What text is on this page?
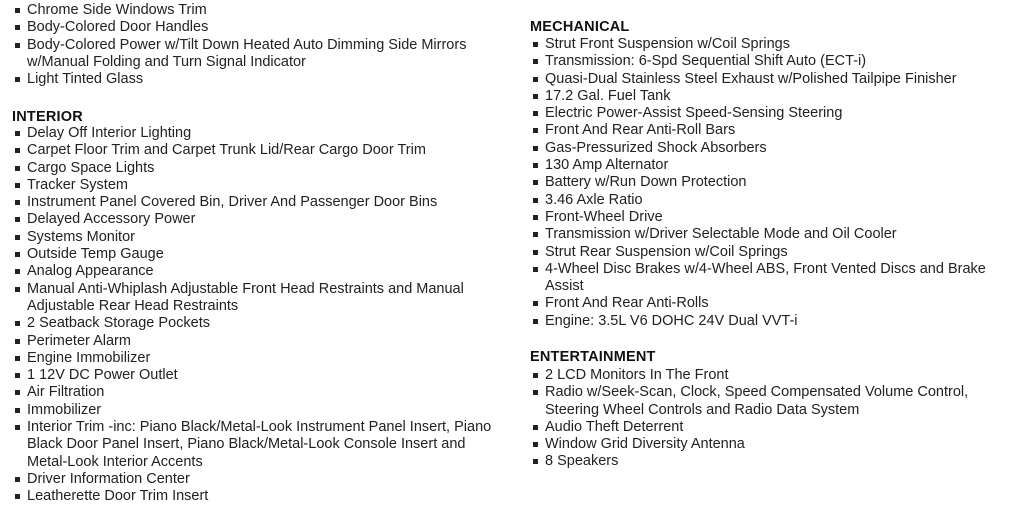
Chrome Side Windows Trim
Body-Colored Door Handles
Body-Colored Power w/Tilt Down Heated Auto Dimming Side Mirrors w/Manual Folding and Turn Signal Indicator
Light Tinted Glass
INTERIOR
Delay Off Interior Lighting
Carpet Floor Trim and Carpet Trunk Lid/Rear Cargo Door Trim
Cargo Space Lights
Tracker System
Instrument Panel Covered Bin, Driver And Passenger Door Bins
Delayed Accessory Power
Systems Monitor
Outside Temp Gauge
Analog Appearance
Manual Anti-Whiplash Adjustable Front Head Restraints and Manual Adjustable Rear Head Restraints
2 Seatback Storage Pockets
Perimeter Alarm
Engine Immobilizer
1 12V DC Power Outlet
Air Filtration
Immobilizer
Interior Trim -inc: Piano Black/Metal-Look Instrument Panel Insert, Piano Black Door Panel Insert, Piano Black/Metal-Look Console Insert and Metal-Look Interior Accents
Driver Information Center
Leatherette Door Trim Insert
MECHANICAL
Strut Front Suspension w/Coil Springs
Transmission: 6-Spd Sequential Shift Auto (ECT-i)
Quasi-Dual Stainless Steel Exhaust w/Polished Tailpipe Finisher
17.2 Gal. Fuel Tank
Electric Power-Assist Speed-Sensing Steering
Front And Rear Anti-Roll Bars
Gas-Pressurized Shock Absorbers
130 Amp Alternator
Battery w/Run Down Protection
3.46 Axle Ratio
Front-Wheel Drive
Transmission w/Driver Selectable Mode and Oil Cooler
Strut Rear Suspension w/Coil Springs
4-Wheel Disc Brakes w/4-Wheel ABS, Front Vented Discs and Brake Assist
Front And Rear Anti-Rolls
Engine: 3.5L V6 DOHC 24V Dual VVT-i
ENTERTAINMENT
2 LCD Monitors In The Front
Radio w/Seek-Scan, Clock, Speed Compensated Volume Control, Steering Wheel Controls and Radio Data System
Audio Theft Deterrent
Window Grid Diversity Antenna
8 Speakers
